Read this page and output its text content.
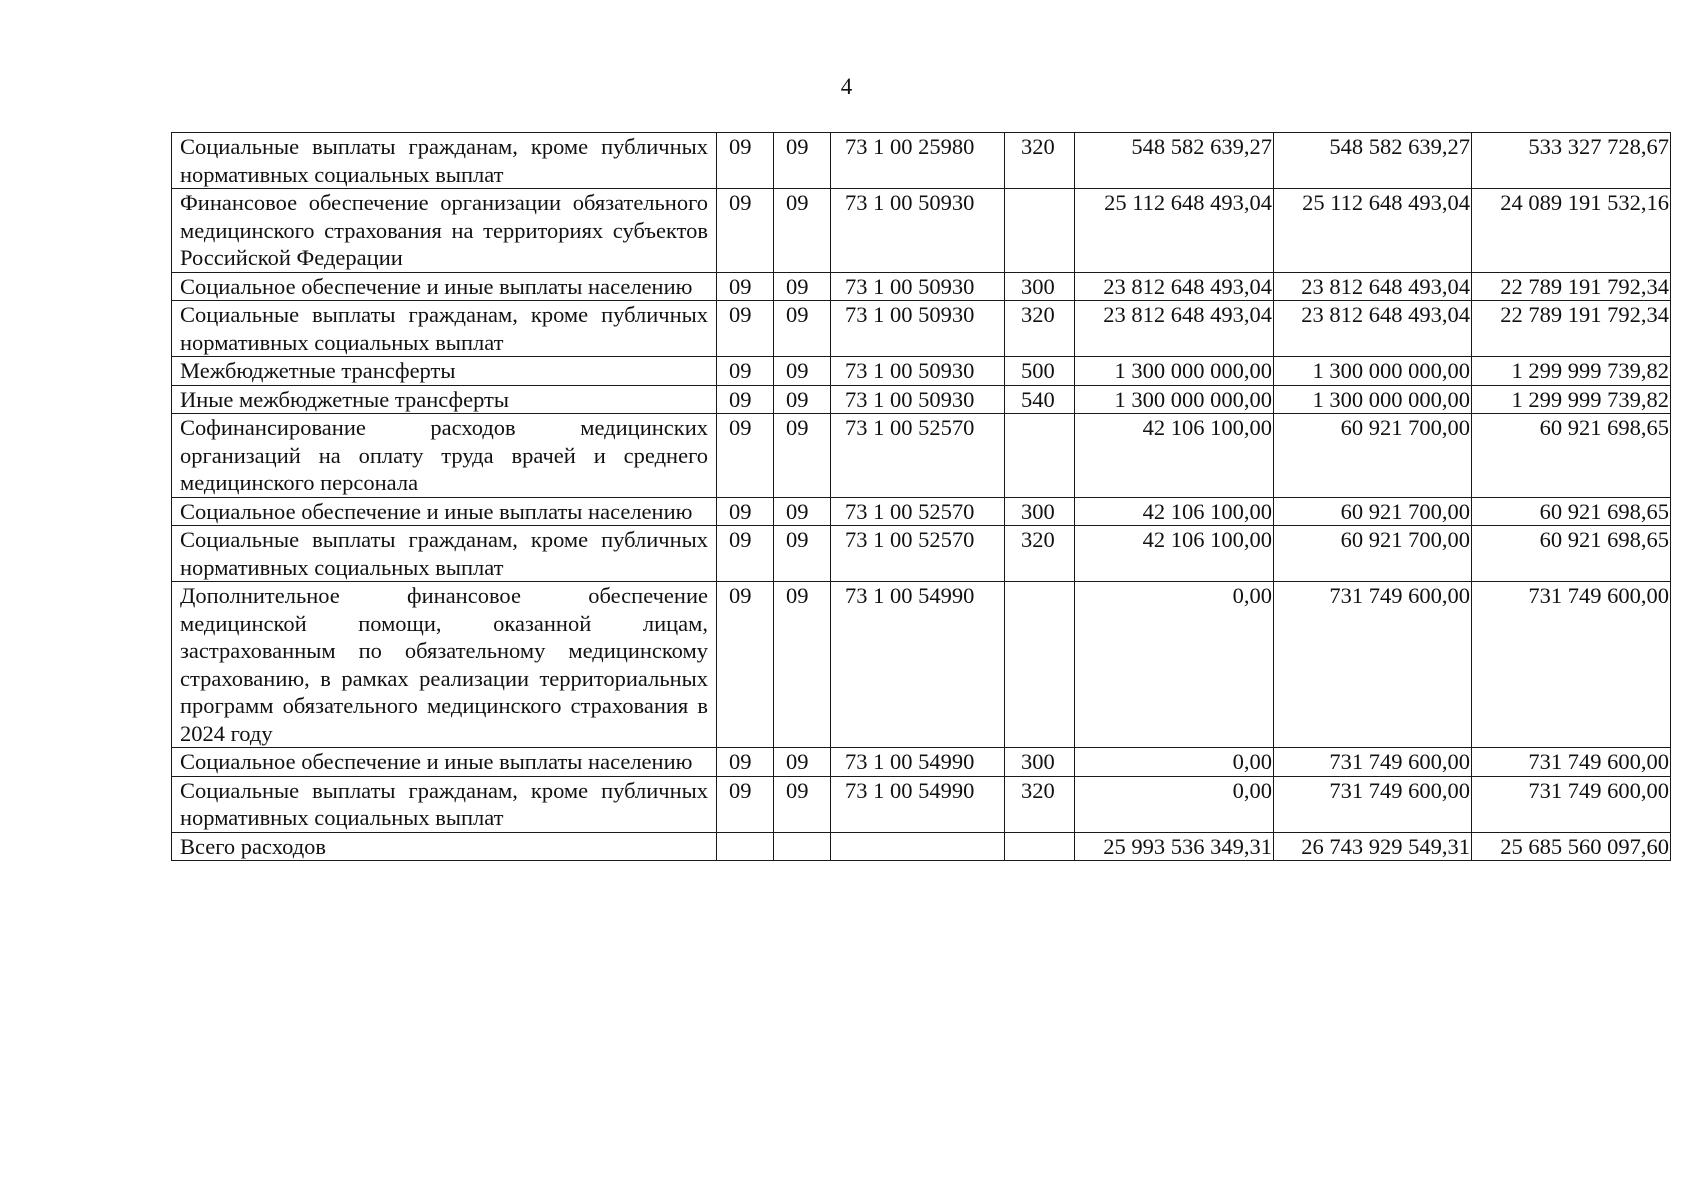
4
Социальные выплаты гражданам, кроме публичных нормативных социальных выплат	09	09	73 1 00 25980	320	548 582 639,27	548 582 639,27	533 327 728,67
Финансовое обеспечение организации обязательного медицинского страхования на территориях субъектов Российской Федерации	09	09	73 1 00 50930		25 112 648 493,04	25 112 648 493,04	24 089 191 532,16
Социальное обеспечение и иные выплаты населению	09	09	73 1 00 50930	300	23 812 648 493,04	23 812 648 493,04	22 789 191 792,34
Социальные выплаты гражданам, кроме публичных нормативных социальных выплат	09	09	73 1 00 50930	320	23 812 648 493,04	23 812 648 493,04	22 789 191 792,34
Межбюджетные трансферты	09	09	73 1 00 50930	500	1 300 000 000,00	1 300 000 000,00	1 299 999 739,82
Иные межбюджетные трансферты	09	09	73 1 00 50930	540	1 300 000 000,00	1 300 000 000,00	1 299 999 739,82
Софинансирование расходов медицинских организаций на оплату труда врачей и среднего медицинского персонала	09	09	73 1 00 52570		42 106 100,00	60 921 700,00	60 921 698,65
Социальное обеспечение и иные выплаты населению	09	09	73 1 00 52570	300	42 106 100,00	60 921 700,00	60 921 698,65
Социальные выплаты гражданам, кроме публичных нормативных социальных выплат	09	09	73 1 00 52570	320	42 106 100,00	60 921 700,00	60 921 698,65
Дополнительное финансовое обеспечение медицинской помощи, оказанной лицам, застрахованным по обязательному медицинскому страхованию, в рамках реализации территориальных программ обязательного медицинского страхования в 2024 году	09	09	73 1 00 54990		0,00	731 749 600,00	731 749 600,00
Социальное обеспечение и иные выплаты населению	09	09	73 1 00 54990	300	0,00	731 749 600,00	731 749 600,00
Социальные выплаты гражданам, кроме публичных нормативных социальных выплат	09	09	73 1 00 54990	320	0,00	731 749 600,00	731 749 600,00
Всего расходов					25 993 536 349,31	26 743 929 549,31	25 685 560 097,60
